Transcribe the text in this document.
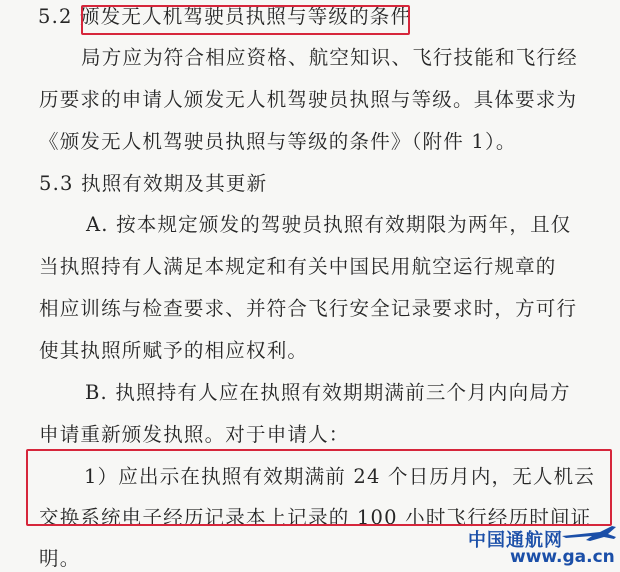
5.2 颁发无人机驾驶员执照与等级的条件
局方应为符合相应资格、航空知识、飞行技能和飞行经
历要求的申请人颁发无人机驾驶员执照与等级。具体要求为
《颁发无人机驾驶员执照与等级的条件》（附件 1）。
5.3 执照有效期及其更新
A. 按本规定颁发的驾驶员执照有效期限为两年，且仅
当执照持有人满足本规定和有关中国民用航空运行规章的
相应训练与检查要求、并符合飞行安全记录要求时，方可行
使其执照所赋予的相应权利。
B. 执照持有人应在执照有效期期满前三个月内向局方
申请重新颁发执照。对于申请人：
1）应出示在执照有效期满前 24 个日历月内，无人机云
交换系统电子经历记录本上记录的 100 小时飞行经历时间证
明。
中国通航网
www.ga.cn
